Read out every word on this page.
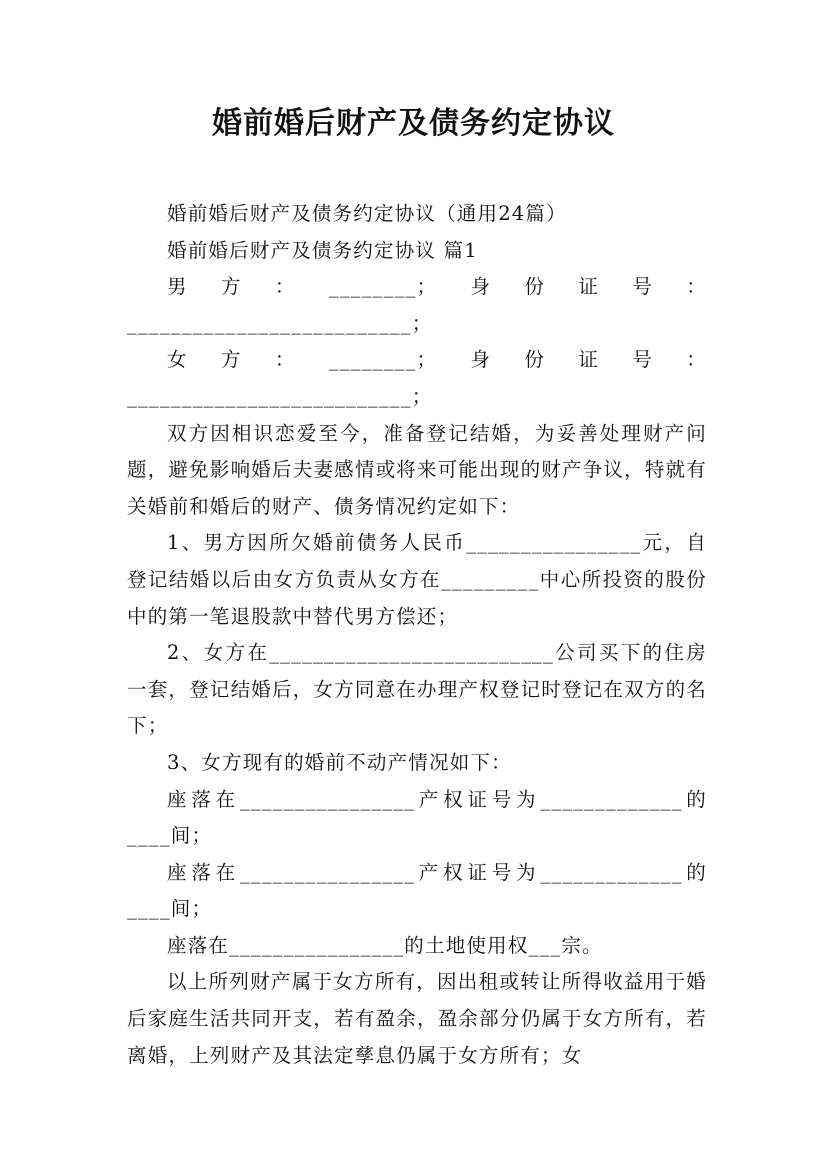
婚前婚后财产及债务约定协议

婚前婚后财产及债务约定协议（通用24篇）

婚前婚后财产及债务约定协议 篇1

男方：________；身份证号：__________________________；

女方：________；身份证号：__________________________；

双方因相识恋爱至今，准备登记结婚，为妥善处理财产问题，避免影响婚后夫妻感情或将来可能出现的财产争议，特就有关婚前和婚后的财产、债务情况约定如下：

1、男方因所欠婚前债务人民币________________元，自登记结婚以后由女方负责从女方在_________中心所投资的股份中的第一笔退股款中替代男方偿还；

2、女方在__________________________公司买下的住房一套，登记结婚后，女方同意在办理产权登记时登记在双方的名下；

3、女方现有的婚前不动产情况如下：

座落在________________产权证号为_____________的____间；

座落在________________产权证号为_____________的____间；

座落在________________的土地使用权___宗。

以上所列财产属于女方所有，因出租或转让所得收益用于婚后家庭生活共同开支，若有盈余，盈余部分仍属于女方所有，若离婚，上列财产及其法定孳息仍属于女方所有；女
